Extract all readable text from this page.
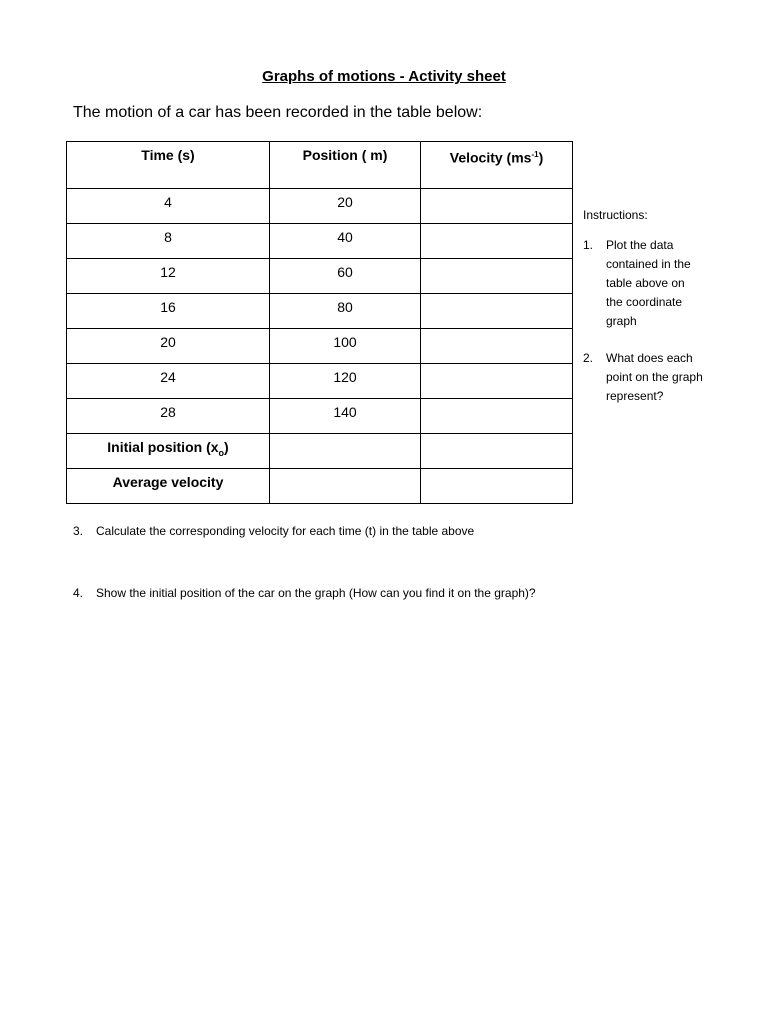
Graphs of motions - Activity sheet
The motion of a car has been recorded in the table below:
Time (s)	Position ( m)	Velocity $(ms^{-1})$
4	20	
8	40	
12	60	
16	80	
20	100	
24	120	
28	140	
Initial position $(x_o)$		
Average velocity		
Instructions:
1. Plot the data contained in the table above on the coordinate graph
2. What does each point on the graph represent?
3. Calculate the corresponding velocity for each time (t) in the table above
4. Show the initial position of the car on the graph (How can you find it on the graph)?
